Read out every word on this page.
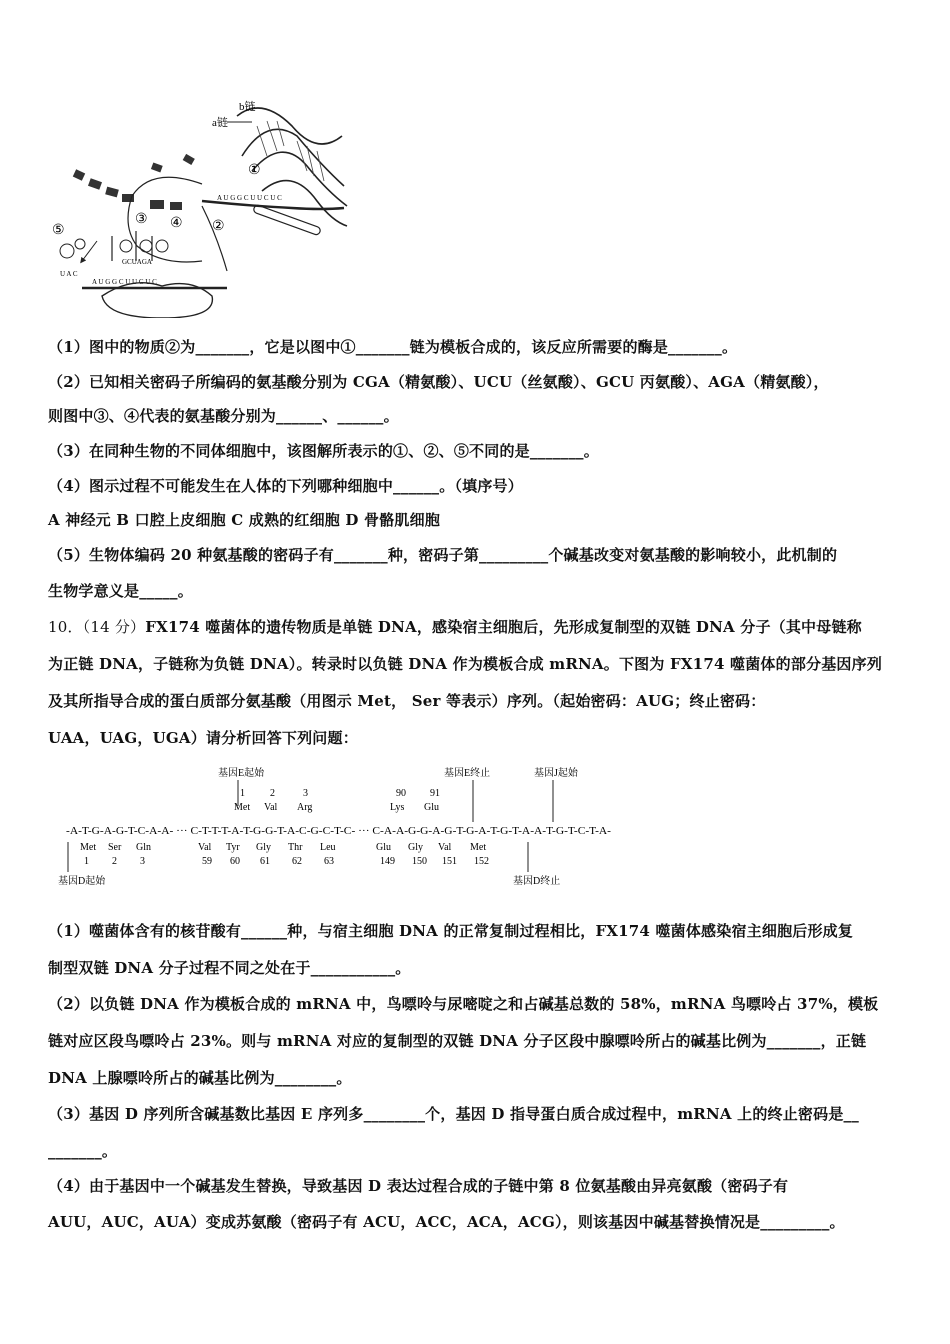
b链
a链
A U G G C U U C U C
①
②
③ ④
⑤
U A C
GCUAGA
A U G G C U U C U C
（1）图中的物质②为_______，它是以图中①_______链为模板合成的，该反应所需要的酶是_______。
（2）已知相关密码子所编码的氨基酸分别为 CGA（精氨酸）、UCU（丝氨酸）、GCU 丙氨酸）、AGA（精氨酸），
则图中③、④代表的氨基酸分别为______、______。
（3）在同种生物的不同体细胞中，该图解所表示的①、②、⑤不同的是_______。
（4）图示过程不可能发生在人体的下列哪种细胞中______。（填序号）
A 神经元 B 口腔上皮细胞 C 成熟的红细胞 D 骨骼肌细胞
（5）生物体编码 20 种氨基酸的密码子有_______种，密码子第_________个碱基改变对氨基酸的影响较小，此机制的
生物学意义是_____。
10．（14 分）FX174 噬菌体的遗传物质是单链 DNA，感染宿主细胞后，先形成复制型的双链 DNA 分子（其中母链称
为正链 DNA，子链称为负链 DNA）。转录时以负链 DNA 作为模板合成 mRNA。下图为 FX174 噬菌体的部分基因序列
及其所指导合成的蛋白质部分氨基酸（用图示 Met， Ser 等表示）序列。（起始密码：AUG；终止密码：
UAA，UAG，UGA）请分析回答下列问题：
基因E起始	基因E终止	基因J起始
1	2	3	90 91
Met Val Arg	Lys Glu
-A-T-G-A-G-T-C-A-A- ··· C-T-T-T-A-T-G-G-T-A-C-G-C-T-C- ··· C-A-A-G-G-A-G-T-G-A-T-G-T-A-A-T-G-T-C-T-A-
Met Ser Gln	Val Tyr Gly Thr Leu	Glu Gly Val Met
1 2 3	59 60 61 62 63	149 150 151 152
基因D起始	基因D终止
（1）噬菌体含有的核苷酸有______种，与宿主细胞 DNA 的正常复制过程相比，FX174 噬菌体感染宿主细胞后形成复
制型双链 DNA 分子过程不同之处在于___________。
（2）以负链 DNA 作为模板合成的 mRNA 中，鸟嘌呤与尿嘧啶之和占碱基总数的 58%，mRNA 鸟嘌呤占 37%，模板
链对应区段鸟嘌呤占 23%。则与 mRNA 对应的复制型的双链 DNA 分子区段中腺嘌呤所占的碱基比例为_______，正链
DNA 上腺嘌呤所占的碱基比例为________。
（3）基因 D 序列所含碱基数比基因 E 序列多________个，基因 D 指导蛋白质合成过程中，mRNA 上的终止密码是__
_______。
（4）由于基因中一个碱基发生替换，导致基因 D 表达过程合成的子链中第 8 位氨基酸由异亮氨酸（密码子有
AUU，AUC，AUA）变成苏氨酸（密码子有 ACU，ACC，ACA，ACG），则该基因中碱基替换情况是_________。
